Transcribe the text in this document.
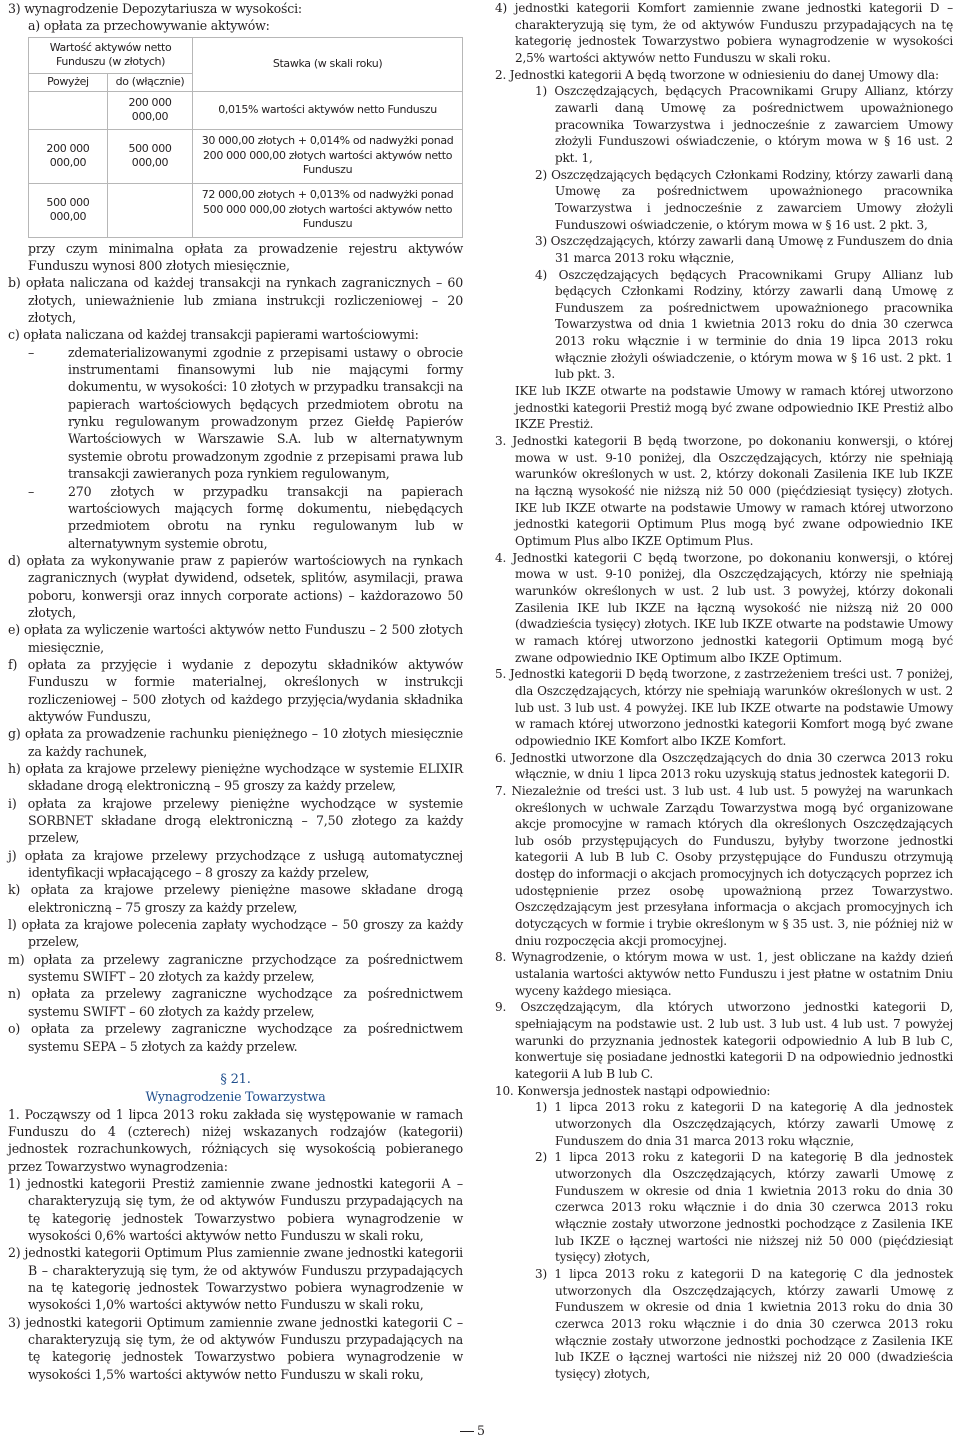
3) wynagrodzenie Depozytariusza w wysokości:

a) opłata za przechowywanie aktywów:

Wartość aktywów netto Funduszu (w złotych)		Stawka (w skali roku)
Powyżej	do (włącznie)	
	200 000 000,00	0,015% wartości aktywów netto Funduszu
200 000 000,00	500 000 000,00	30 000,00 złotych + 0,014% od nadwyżki ponad 200 000 000,00 złotych wartości aktywów netto Funduszu
500 000 000,00		72 000,00 złotych + 0,013% od nadwyżki ponad 500 000 000,00 złotych wartości aktywów netto Funduszu

przy czym minimalna opłata za prowadzenie rejestru aktywów Funduszu wynosi 800 złotych miesięcznie,

b) opłata naliczana od każdej transakcji na rynkach zagranicznych – 60 złotych, unieważnienie lub zmiana instrukcji rozliczeniowej – 20 złotych,

c) opłata naliczana od każdej transakcji papierami wartościowymi:

–	zdematerializowanymi zgodnie z przepisami ustawy o obrocie instrumentami finansowymi lub nie mającymi formy dokumentu, w wysokości: 10 złotych w przypadku transakcji na papierach wartościowych będących przedmiotem obrotu na rynku regulowanym prowadzonym przez Giełdę Papierów Wartościowych w Warszawie S.A. lub w alternatywnym systemie obrotu prowadzonym zgodnie z przepisami prawa lub transakcji zawieranych poza rynkiem regulowanym,

–	270 złotych w przypadku transakcji na papierach wartościowych mających formę dokumentu, niebędących przedmiotem obrotu na rynku regulowanym lub w alternatywnym systemie obrotu,

d) opłata za wykonywanie praw z papierów wartościowych na rynkach zagranicznych (wypłat dywidend, odsetek, splitów, asymilacji, prawa poboru, konwersji oraz innych corporate actions) – każdorazowo 50 złotych,

e) opłata za wyliczenie wartości aktywów netto Funduszu – 2 500 złotych miesięcznie,

f) opłata za przyjęcie i wydanie z depozytu składników aktywów Funduszu w formie materialnej, określonych w instrukcji rozliczeniowej – 500 złotych od każdego przyjęcia/wydania składnika aktywów Funduszu,

g) opłata za prowadzenie rachunku pieniężnego – 10 złotych miesięcznie za każdy rachunek,

h) opłata za krajowe przelewy pieniężne wychodzące w systemie ELIXIR składane drogą elektroniczną – 95 groszy za każdy przelew,

i) opłata za krajowe przelewy pieniężne wychodzące w systemie SORBNET składane drogą elektroniczną – 7,50 złotego za każdy przelew,

j) opłata za krajowe przelewy przychodzące z usługą automatycznej identyfikacji wpłacającego – 8 groszy za każdy przelew,

k) opłata za krajowe przelewy pieniężne masowe składane drogą elektroniczną – 75 groszy za każdy przelew,

l) opłata za krajowe polecenia zapłaty wychodzące – 50 groszy za każdy przelew,

m) opłata za przelewy zagraniczne przychodzące za pośrednictwem systemu SWIFT – 20 złotych za każdy przelew,

n) opłata za przelewy zagraniczne wychodzące za pośrednictwem systemu SWIFT – 60 złotych za każdy przelew,

o) opłata za przelewy zagraniczne wychodzące za pośrednictwem systemu SEPA – 5 złotych za każdy przelew.

§ 21.
Wynagrodzenie Towarzystwa

1. Począwszy od 1 lipca 2013 roku zakłada się występowanie w ramach Funduszu do 4 (czterech) niżej wskazanych rodzajów (kategorii) jednostek rozrachunkowych, różniących się wysokością pobieranego przez Towarzystwo wynagrodzenia:

1) jednostki kategorii Prestiż zamiennie zwane jednostki kategorii A – charakteryzują się tym, że od aktywów Funduszu przypadających na tę kategorię jednostek Towarzystwo pobiera wynagrodzenie w wysokości 0,6% wartości aktywów netto Funduszu w skali roku,

2) jednostki kategorii Optimum Plus zamiennie zwane jednostki kategorii B – charakteryzują się tym, że od aktywów Funduszu przypadających na tę kategorię jednostek Towarzystwo pobiera wynagrodzenie w wysokości 1,0% wartości aktywów netto Funduszu w skali roku,

3) jednostki kategorii Optimum zamiennie zwane jednostki kategorii C – charakteryzują się tym, że od aktywów Funduszu przypadających na tę kategorię jednostek Towarzystwo pobiera wynagrodzenie w wysokości 1,5% wartości aktywów netto Funduszu w skali roku,

4) jednostki kategorii Komfort zamiennie zwane jednostki kategorii D – charakteryzują się tym, że od aktywów Funduszu przypadających na tę kategorię jednostek Towarzystwo pobiera wynagrodzenie w wysokości 2,5% wartości aktywów netto Funduszu w skali roku.

2. Jednostki kategorii A będą tworzone w odniesieniu do danej Umowy dla:

1) Oszczędzających, będących Pracownikami Grupy Allianz, którzy zawarli daną Umowę za pośrednictwem upoważnionego pracownika Towarzystwa i jednocześnie z zawarciem Umowy złożyli Funduszowi oświadczenie, o którym mowa w § 16 ust. 2 pkt. 1,

2) Oszczędzających będących Członkami Rodziny, którzy zawarli daną Umowę za pośrednictwem upoważnionego pracownika Towarzystwa i jednocześnie z zawarciem Umowy złożyli Funduszowi oświadczenie, o którym mowa w § 16 ust. 2 pkt. 3,

3) Oszczędzających, którzy zawarli daną Umowę z Funduszem do dnia 31 marca 2013 roku włącznie,

4) Oszczędzających będących Pracownikami Grupy Allianz lub będących Członkami Rodziny, którzy zawarli daną Umowę z Funduszem za pośrednictwem upoważnionego pracownika Towarzystwa od dnia 1 kwietnia 2013 roku do dnia 30 czerwca 2013 roku włącznie i w terminie do dnia 19 lipca 2013 roku włącznie złożyli oświadczenie, o którym mowa w § 16 ust. 2 pkt. 1 lub pkt. 3.

IKE lub IKZE otwarte na podstawie Umowy w ramach której utworzono jednostki kategorii Prestiż mogą być zwane odpowiednio IKE Prestiż albo IKZE Prestiż.

3. Jednostki kategorii B będą tworzone, po dokonaniu konwersji, o której mowa w ust. 9-10 poniżej, dla Oszczędzających, którzy nie spełniają warunków określonych w ust. 2, którzy dokonali Zasilenia IKE lub IKZE na łączną wysokość nie niższą niż 50 000 (pięćdziesiąt tysięcy) złotych. IKE lub IKZE otwarte na podstawie Umowy w ramach której utworzono jednostki kategorii Optimum Plus mogą być zwane odpowiednio IKE Optimum Plus albo IKZE Optimum Plus.

4. Jednostki kategorii C będą tworzone, po dokonaniu konwersji, o której mowa w ust. 9-10 poniżej, dla Oszczędzających, którzy nie spełniają warunków określonych w ust. 2 lub ust. 3 powyżej, którzy dokonali Zasilenia IKE lub IKZE na łączną wysokość nie niższą niż 20 000 (dwadzieścia tysięcy) złotych. IKE lub IKZE otwarte na podstawie Umowy w ramach której utworzono jednostki kategorii Optimum mogą być zwane odpowiednio IKE Optimum albo IKZE Optimum.

5. Jednostki kategorii D będą tworzone, z zastrzeżeniem treści ust. 7 poniżej, dla Oszczędzających, którzy nie spełniają warunków określonych w ust. 2 lub ust. 3 lub ust. 4 powyżej. IKE lub IKZE otwarte na podstawie Umowy w ramach której utworzono jednostki kategorii Komfort mogą być zwane odpowiednio IKE Komfort albo IKZE Komfort.

6. Jednostki utworzone dla Oszczędzających do dnia 30 czerwca 2013 roku włącznie, w dniu 1 lipca 2013 roku uzyskują status jednostek kategorii D.

7. Niezależnie od treści ust. 3 lub ust. 4 lub ust. 5 powyżej na warunkach określonych w uchwale Zarządu Towarzystwa mogą być organizowane akcje promocyjne w ramach których dla określonych Oszczędzających lub osób przystępujących do Funduszu, byłyby tworzone jednostki kategorii A lub B lub C. Osoby przystępujące do Funduszu otrzymują dostęp do informacji o akcjach promocyjnych ich dotyczących poprzez ich udostępnienie przez osobę upoważnioną przez Towarzystwo. Oszczędzającym jest przesyłana informacja o akcjach promocyjnych ich dotyczących w formie i trybie określonym w § 35 ust. 3, nie później niż w dniu rozpoczęcia akcji promocyjnej.

8. Wynagrodzenie, o którym mowa w ust. 1, jest obliczane na każdy dzień ustalania wartości aktywów netto Funduszu i jest płatne w ostatnim Dniu wyceny każdego miesiąca.

9. Oszczędzającym, dla których utworzono jednostki kategorii D, spełniającym na podstawie ust. 2 lub ust. 3 lub ust. 4 lub ust. 7 powyżej warunki do przyznania jednostek kategorii odpowiednio A lub B lub C, konwertuje się posiadane jednostki kategorii D na odpowiednio jednostki kategorii A lub B lub C.

10. Konwersja jednostek nastąpi odpowiednio:

1) 1 lipca 2013 roku z kategorii D na kategorię A dla jednostek utworzonych dla Oszczędzających, którzy zawarli Umowę z Funduszem do dnia 31 marca 2013 roku włącznie,

2) 1 lipca 2013 roku z kategorii D na kategorię B dla jednostek utworzonych dla Oszczędzających, którzy zawarli Umowę z Funduszem w okresie od dnia 1 kwietnia 2013 roku do dnia 30 czerwca 2013 roku włącznie i do dnia 30 czerwca 2013 roku włącznie zostały utworzone jednostki pochodzące z Zasilenia IKE lub IKZE o łącznej wartości nie niższej niż 50 000 (pięćdziesiąt tysięcy) złotych,

3) 1 lipca 2013 roku z kategorii D na kategorię C dla jednostek utworzonych dla Oszczędzających, którzy zawarli Umowę z Funduszem w okresie od dnia 1 kwietnia 2013 roku do dnia 30 czerwca 2013 roku włącznie i do dnia 30 czerwca 2013 roku włącznie zostały utworzone jednostki pochodzące z Zasilenia IKE lub IKZE o łącznej wartości nie niższej niż 20 000 (dwadzieścia tysięcy) złotych,

5
